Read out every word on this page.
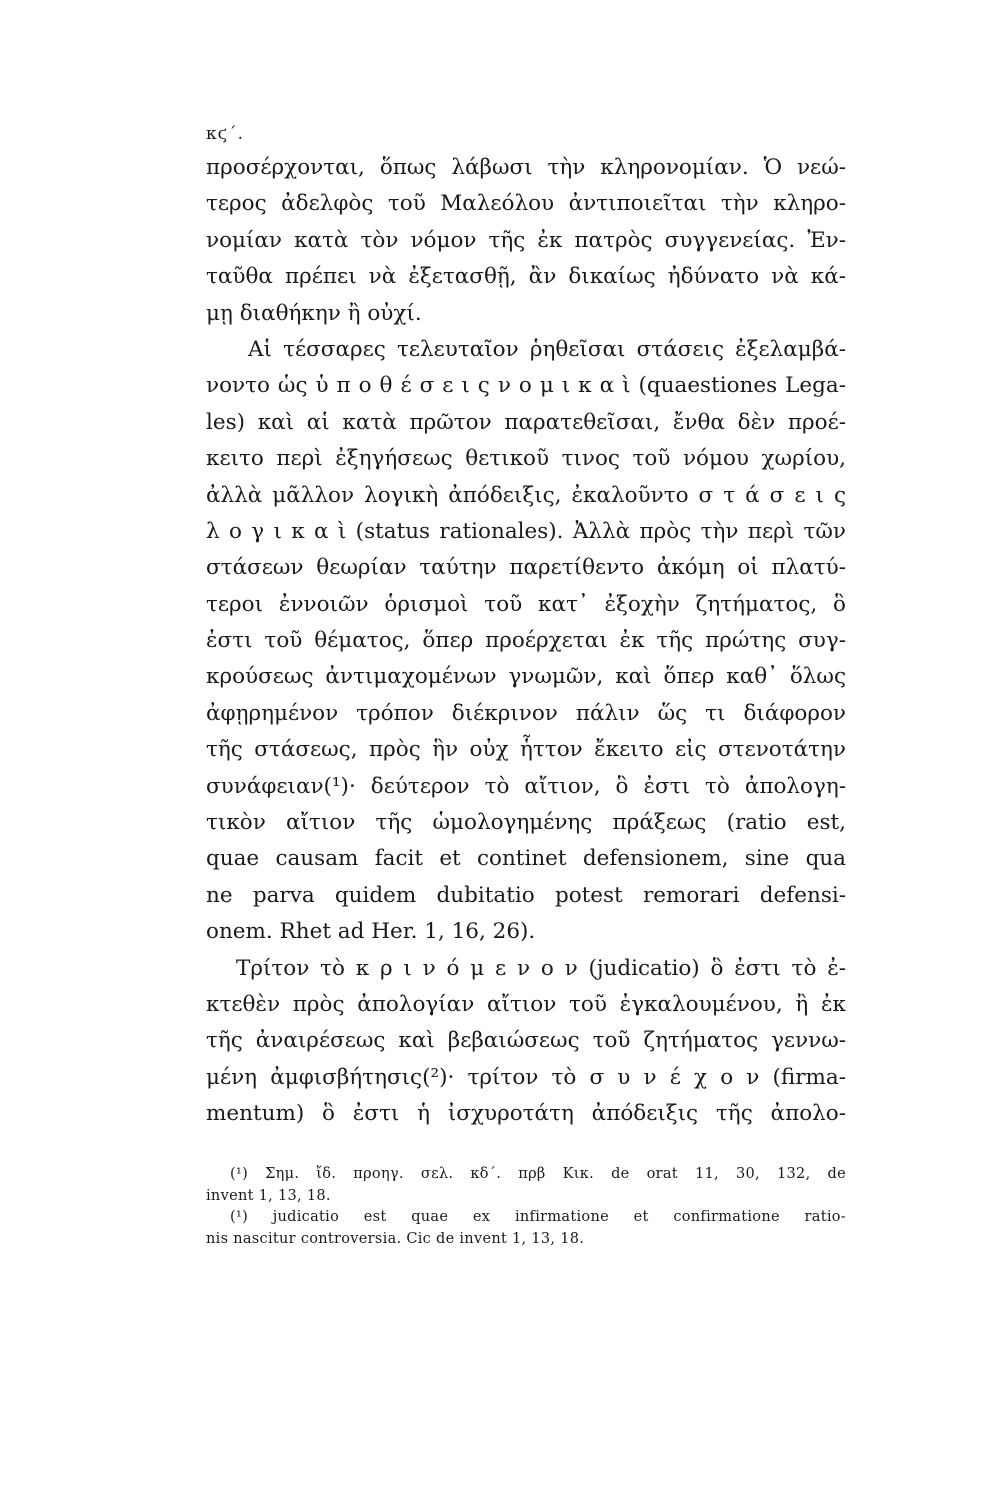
κϛ΄.
προσέρχονται, ὅπως λάβωσι τὴν κληρονομίαν. Ὁ νεώ-
τερος ἀδελφὸς τοῦ Μαλεόλου ἀντιποιεῖται τὴν κληρο-
νομίαν κατὰ τὸν νόμον τῆς ἐκ πατρὸς συγγενείας. Ἐν-
ταῦθα πρέπει νὰ ἐξετασθῇ, ἂν δικαίως ἠδύνατο νὰ κά-
μῃ διαθήκην ἢ οὐχί.
Αἱ τέσσαρες τελευταῖον ῥηθεῖσαι στάσεις ἐξελαμβά-
νοντο ὡς ὑ π ο θ έ σ ε ι ς ν ο μ ι κ α ὶ (quaestiones Lega-
les) καὶ αἱ κατὰ πρῶτον παρατεθεῖσαι, ἔνθα δὲν προέ-
κειτο περὶ ἐξηγήσεως θετικοῦ τινος τοῦ νόμου χωρίου,
ἀλλὰ μᾶλλον λογικὴ ἀπόδειξις, ἐκαλοῦντο σ τ ά σ ε ι ς
λ ο γ ι κ α ὶ (status rationales). Ἀλλὰ πρὸς τὴν περὶ τῶν
στάσεων θεωρίαν ταύτην παρετίθεντο ἀκόμη οἱ πλατύ-
τεροι ἐννοιῶν ὁρισμοὶ τοῦ κατ᾽ ἐξοχὴν ζητήματος, ὃ
ἐστι τοῦ θέματος, ὅπερ προέρχεται ἐκ τῆς πρώτης συγ-
κρούσεως ἀντιμαχομένων γνωμῶν, καὶ ὅπερ καθ᾽ ὅλως
ἀφῃρημένον τρόπον διέκρινον πάλιν ὥς τι διάφορον
τῆς στάσεως, πρὸς ἣν οὐχ ἧττον ἔκειτο εἰς στενοτάτην
συνάφειαν(¹)· δεύτερον τὸ αἴτιον, ὃ ἐστι τὸ ἀπολογη-
τικὸν αἴτιον τῆς ὡμολογημένης πράξεως (ratio est,
quae causam facit et continet defensionem, sine qua
ne parva quidem dubitatio potest remorari defensi-
onem. Rhet ad Her. 1, 16, 26).
Τρίτον τὸ κ ρ ι ν ό μ ε ν ο ν (judicatio) ὃ ἐστι τὸ ἐ-
κτεθὲν πρὸς ἀπολογίαν αἴτιον τοῦ ἐγκαλουμένου, ἢ ἐκ
τῆς ἀναιρέσεως καὶ βεβαιώσεως τοῦ ζητήματος γεννω-
μένη ἀμφισβήτησις(²)· τρίτον τὸ σ υ ν έ χ ο ν (firma-
mentum) ὃ ἐστι ἡ ἰσχυροτάτη ἀπόδειξις τῆς ἀπολο-
(¹) Σημ. ἴδ. προηγ. σελ. κδ΄. πρβ Κικ. de orat 11, 30, 132, de
invent 1, 13, 18.
(¹) judicatio est quae ex infirmatione et confirmatione ratio-
nis nascitur controversia. Cic de invent 1, 13, 18.
